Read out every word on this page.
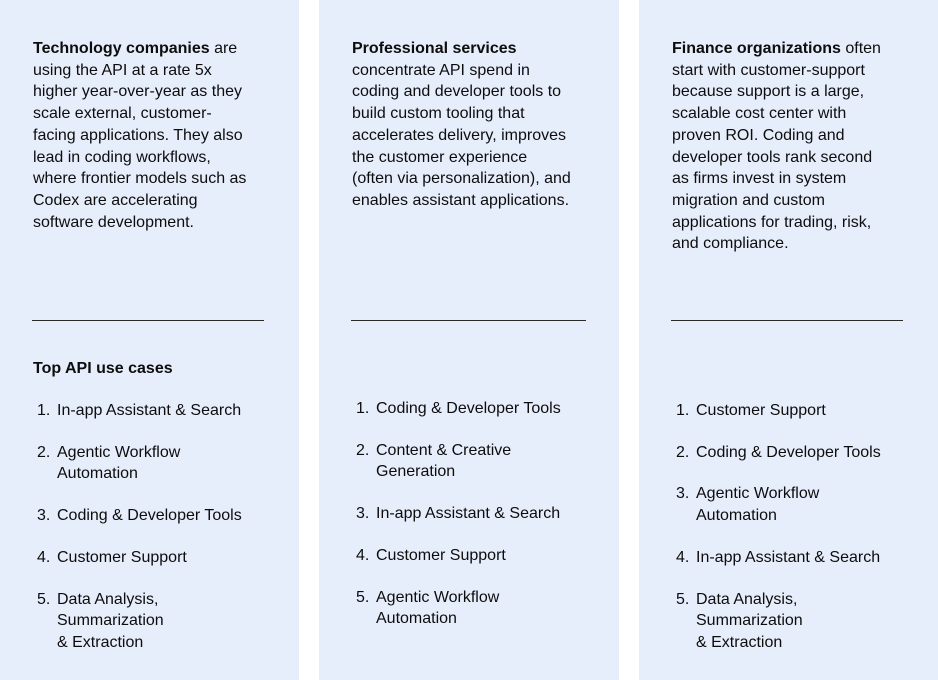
Technology companies are
using the API at a rate 5x
higher year-over-year as they
scale external, customer-
facing applications. They also
lead in coding workflows,
where frontier models such as
Codex are accelerating
software development.

Top API use cases
1. In-app Assistant & Search
2. Agentic Workflow
Automation
3. Coding & Developer Tools
4. Customer Support
5. Data Analysis,
Summarization
& Extraction

Professional services
concentrate API spend in
coding and developer tools to
build custom tooling that
accelerates delivery, improves
the customer experience
(often via personalization), and
enables assistant applications.

1. Coding & Developer Tools
2. Content & Creative
Generation
3. In-app Assistant & Search
4. Customer Support
5. Agentic Workflow
Automation

Finance organizations often
start with customer-support
because support is a large,
scalable cost center with
proven ROI. Coding and
developer tools rank second
as firms invest in system
migration and custom
applications for trading, risk,
and compliance.

1. Customer Support
2. Coding & Developer Tools
3. Agentic Workflow
Automation
4. In-app Assistant & Search
5. Data Analysis,
Summarization
& Extraction
